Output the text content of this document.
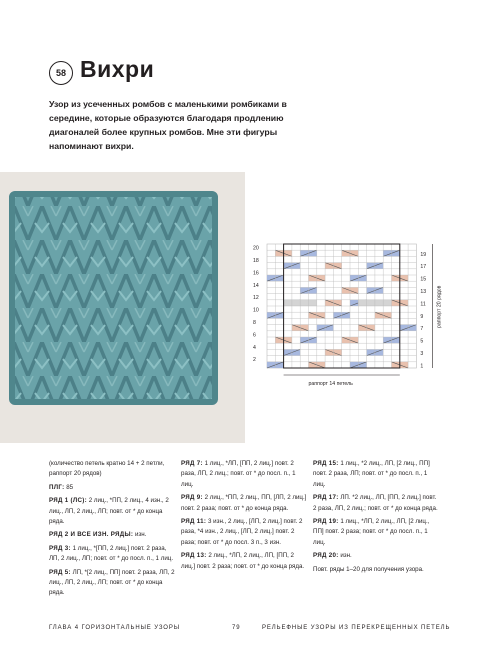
58 Вихри
Узор из усеченных ромбов с маленькими ромбиками в середине, которые образуются благодаря продлению диагоналей более крупных ромбов. Мне эти фигуры напоминают вихри.
20
18
16
14
12
10
8
6
4
2
19
17
15
13
11
9
7
5
3
1
раппорт 20 рядов
раппорт 14 петель

(количество петель кратно 14 + 2 петли, раппорт 20 рядов)

ПЛГ: 85

РЯД 1 (ЛС): 2 лиц., *ПП, 2 лиц., 4 изн., 2 лиц., ЛП, 2 лиц., ЛП; повт. от * до конца ряда.

РЯД 2 И ВСЕ ИЗН. РЯДЫ: изн.

РЯД 3: 1 лиц., *[ПП, 2 лиц.] повт. 2 раза, ЛП, 2 лиц., ЛП; повт. от * до посл. п., 1 лиц.

РЯД 5: ЛП, *[2 лиц., ПП] повт. 2 раза, ЛП, 2 лиц., ЛП, 2 лиц., ЛП; повт. от * до конца ряда.

РЯД 7: 1 лиц., *ЛП, [ПП, 2 лиц.] повт. 2 раза, ЛП, 2 лиц.; повт. от * до посл. п., 1 лиц.

РЯД 9: 2 лиц., *ПП, 2 лиц., ПП, [ЛП, 2 лиц.] повт. 2 раза; повт. от * до конца ряда.

РЯД 11: 3 изн., 2 лиц., [ЛП, 2 лиц.] повт. 2 раза, *4 изн., 2 лиц., [ЛП, 2 лиц.] повт. 2 раза; повт. от * до посл. 3 п., 3 изн.

РЯД 13: 2 лиц., *ЛП, 2 лиц., ЛП, [ПП, 2 лиц.] повт. 2 раза; повт. от * до конца ряда.

РЯД 15: 1 лиц., *2 лиц., ЛП, [2 лиц., ПП] повт. 2 раза, ЛП; повт. от * до посл. п., 1 лиц.

РЯД 17: ЛП. *2 лиц., ЛП, [ПП, 2 лиц.] повт. 2 раза, ЛП, 2 лиц.; повт. от * до конца ряда.

РЯД 19: 1 лиц., *ЛП, 2 лиц., ЛП, [2 лиц., ПП] повт. 2 раза; повт. от * до посл. п., 1 лиц.

РЯД 20: изн.

Повт. ряды 1–20 для получения узора.

ГЛАВА 4 ГОРИЗОНТАЛЬНЫЕ УЗОРЫ	79	РЕЛЬЕФНЫЕ УЗОРЫ ИЗ ПЕРЕКРЕЩЕННЫХ ПЕТЕЛЬ
